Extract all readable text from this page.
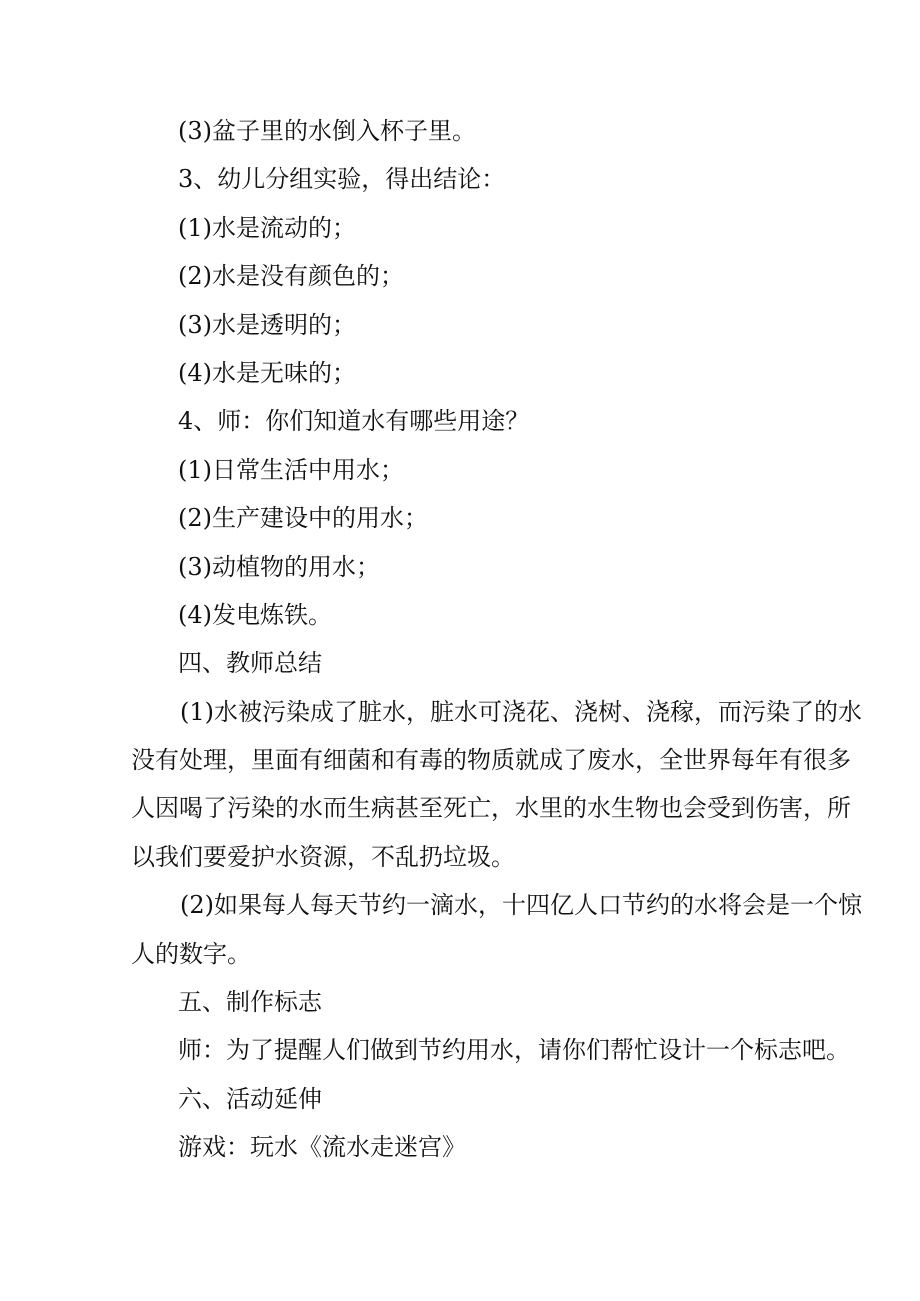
(3)盆子里的水倒入杯子里。
3、幼儿分组实验，得出结论：
(1)水是流动的；
(2)水是没有颜色的；
(3)水是透明的；
(4)水是无味的；
4、师：你们知道水有哪些用途？
(1)日常生活中用水；
(2)生产建设中的用水；
(3)动植物的用水；
(4)发电炼铁。
四、教师总结
(1)水被污染成了脏水，脏水可浇花、浇树、浇稼，而污染了的水
没有处理，里面有细菌和有毒的物质就成了废水，全世界每年有很多
人因喝了污染的水而生病甚至死亡，水里的水生物也会受到伤害，所
以我们要爱护水资源，不乱扔垃圾。
(2)如果每人每天节约一滴水，十四亿人口节约的水将会是一个惊
人的数字。
五、制作标志
师：为了提醒人们做到节约用水，请你们帮忙设计一个标志吧。
六、活动延伸
游戏：玩水《流水走迷宫》
